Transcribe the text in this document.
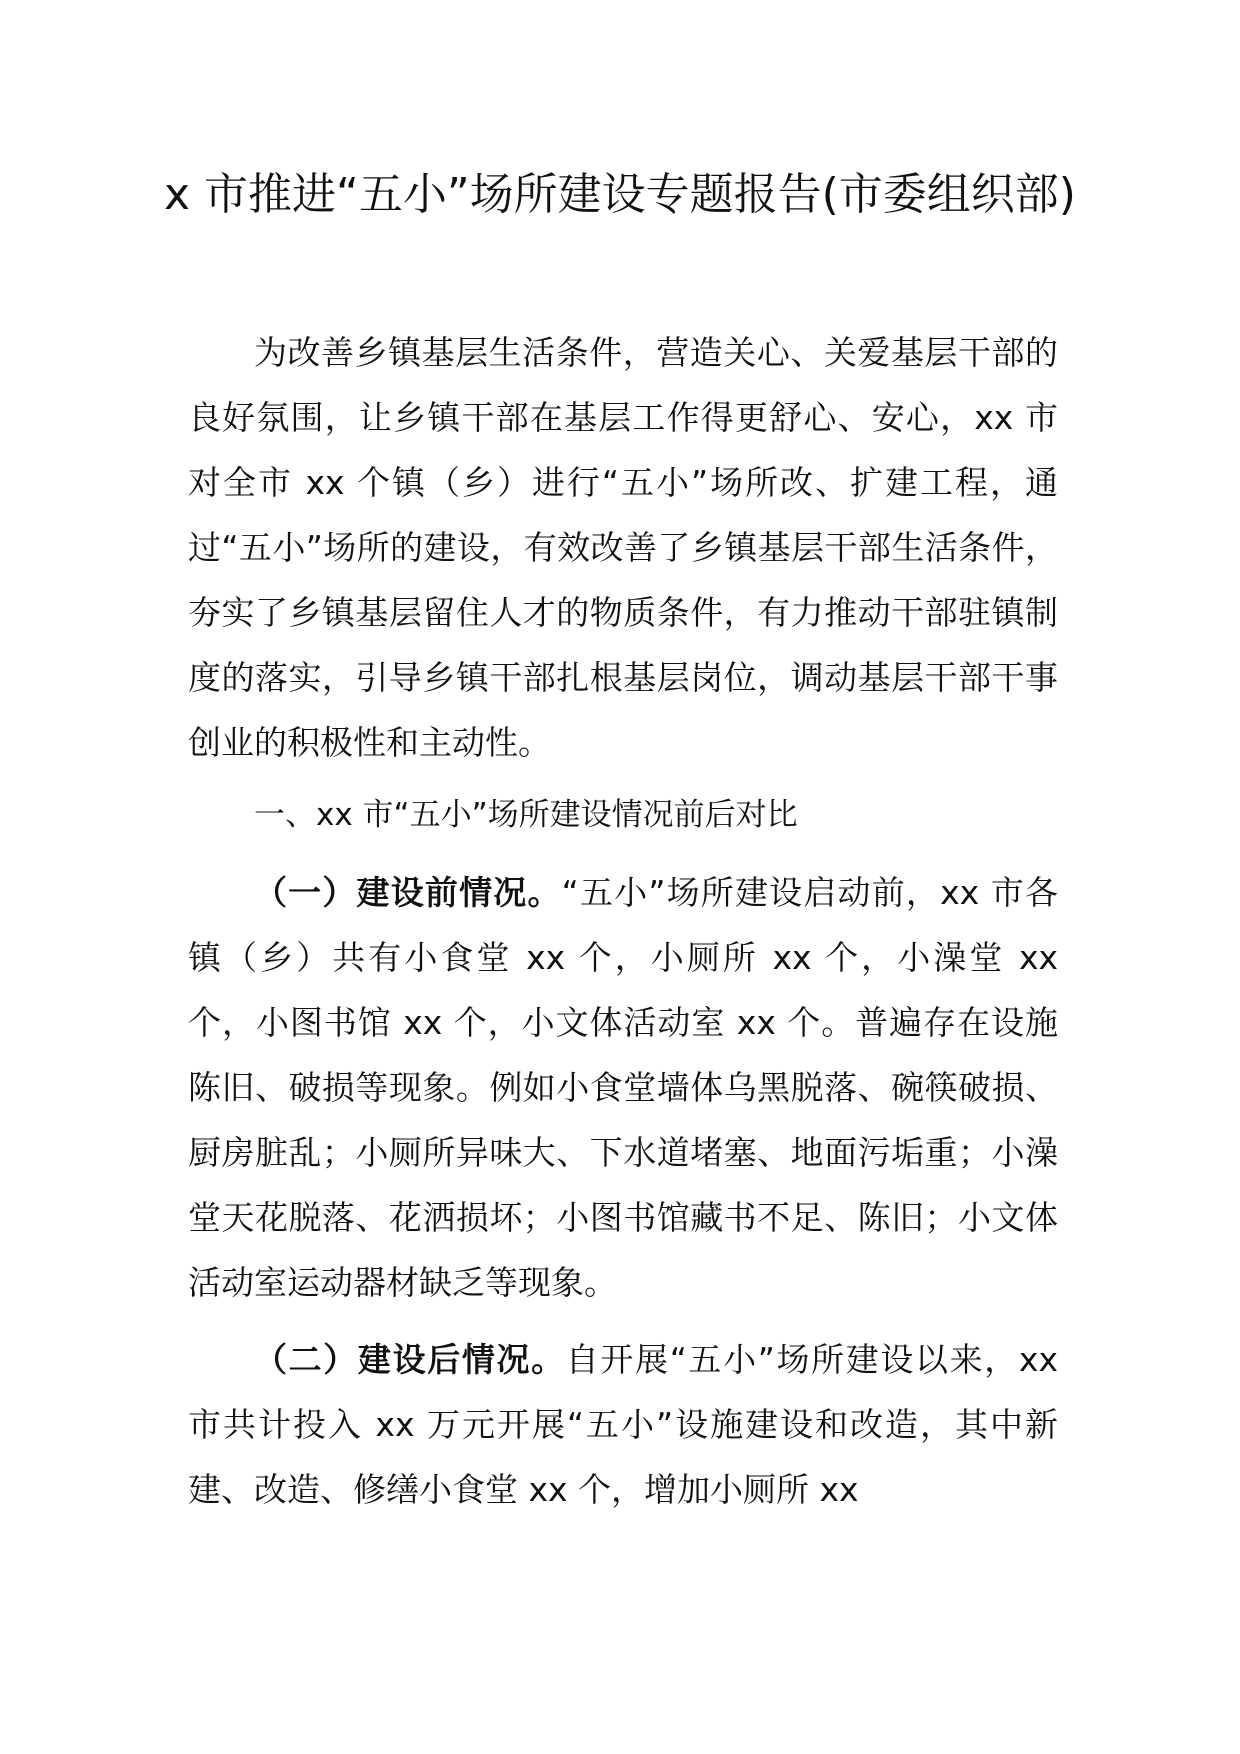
x 市推进“五小”场所建设专题报告(市委组织部)

为改善乡镇基层生活条件，营造关心、关爱基层干部的良好氛围，让乡镇干部在基层工作得更舒心、安心，xx 市对全市 xx 个镇（乡）进行“五小”场所改、扩建工程，通过“五小”场所的建设，有效改善了乡镇基层干部生活条件，夯实了乡镇基层留住人才的物质条件，有力推动干部驻镇制度的落实，引导乡镇干部扎根基层岗位，调动基层干部干事创业的积极性和主动性。

一、xx 市“五小”场所建设情况前后对比

（一）建设前情况。“五小”场所建设启动前，xx 市各镇（乡）共有小食堂 xx 个，小厕所 xx 个，小澡堂 xx 个，小图书馆 xx 个，小文体活动室 xx 个。普遍存在设施陈旧、破损等现象。例如小食堂墙体乌黑脱落、碗筷破损、厨房脏乱；小厕所异味大、下水道堵塞、地面污垢重；小澡堂天花脱落、花洒损坏；小图书馆藏书不足、陈旧；小文体活动室运动器材缺乏等现象。

（二）建设后情况。自开展“五小”场所建设以来，xx 市共计投入 xx 万元开展“五小”设施建设和改造，其中新建、改造、修缮小食堂 xx 个，增加小厕所 xx
